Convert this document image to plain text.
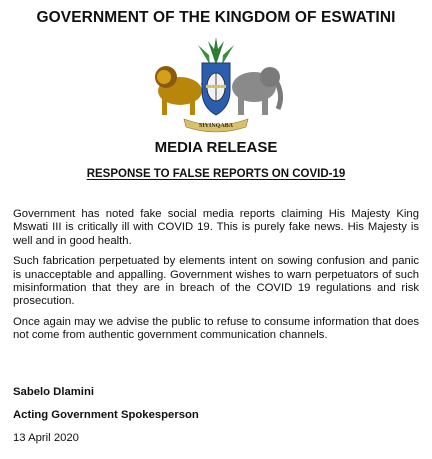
GOVERNMENT OF THE KINGDOM OF ESWATINI
SIYINQABA
MEDIA RELEASE
RESPONSE TO FALSE REPORTS ON COVID-19

Government has noted fake social media reports claiming His Majesty King Mswati III is critically ill with COVID 19. This is purely fake news. His Majesty is well and in good health.

Such fabrication perpetuated by elements intent on sowing confusion and panic is unacceptable and appalling. Government wishes to warn perpetuators of such misinformation that they are in breach of the COVID 19 regulations and risk prosecution.

Once again may we advise the public to refuse to consume information that does not come from authentic government communication channels.

Sabelo Dlamini
Acting Government Spokesperson
13 April 2020
